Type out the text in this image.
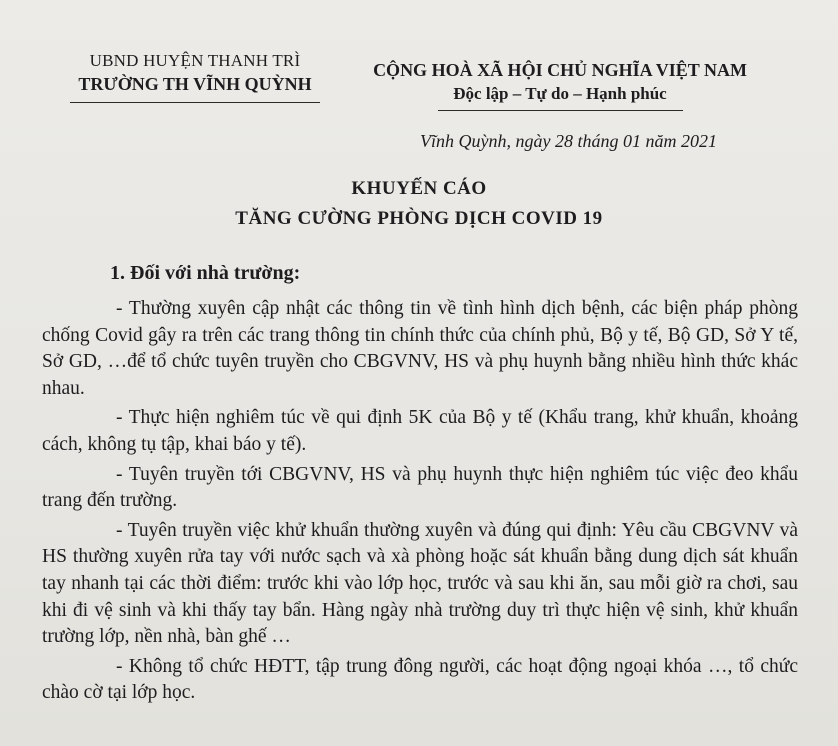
UBND HUYỆN THANH TRÌ
TRƯỜNG TH VĨNH QUỲNH
CỘNG HOÀ XÃ HỘI CHỦ NGHĨA VIỆT NAM
Độc lập – Tự do – Hạnh phúc
Vĩnh Quỳnh, ngày 28 tháng 01 năm 2021
KHUYẾN CÁO
TĂNG CƯỜNG PHÒNG DỊCH COVID 19
1. Đối với nhà trường:

- Thường xuyên cập nhật các thông tin về tình hình dịch bệnh, các biện pháp phòng chống Covid gây ra trên các trang thông tin chính thức của chính phủ, Bộ y tế, Bộ GD, Sở Y tế, Sở GD, …để tổ chức tuyên truyền cho CBGVNV, HS và phụ huynh bằng nhiều hình thức khác nhau.

- Thực hiện nghiêm túc về qui định 5K của Bộ y tế (Khẩu trang, khử khuẩn, khoảng cách, không tụ tập, khai báo y tế).

- Tuyên truyền tới CBGVNV, HS và phụ huynh thực hiện nghiêm túc việc đeo khẩu trang đến trường.

- Tuyên truyền việc khử khuẩn thường xuyên và đúng qui định: Yêu cầu CBGVNV và HS thường xuyên rửa tay với nước sạch và xà phòng hoặc sát khuẩn bằng dung dịch sát khuẩn tay nhanh tại các thời điểm: trước khi vào lớp học, trước và sau khi ăn, sau mỗi giờ ra chơi, sau khi đi vệ sinh và khi thấy tay bẩn. Hàng ngày nhà trường duy trì thực hiện vệ sinh, khử khuẩn trường lớp, nền nhà, bàn ghế …

- Không tổ chức HĐTT, tập trung đông người, các hoạt động ngoại khóa …, tổ chức chào cờ tại lớp học.
